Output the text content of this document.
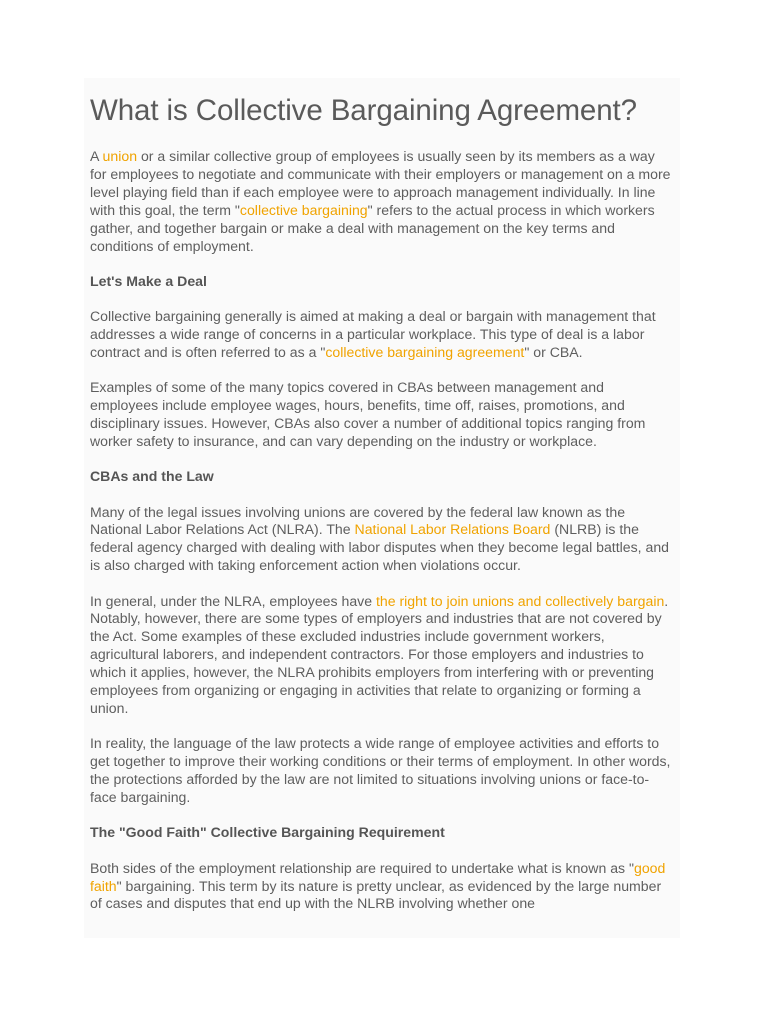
What is Collective Bargaining Agreement?

A union or a similar collective group of employees is usually seen by its members as a way for employees to negotiate and communicate with their employers or management on a more level playing field than if each employee were to approach management individually. In line with this goal, the term "collective bargaining" refers to the actual process in which workers gather, and together bargain or make a deal with management on the key terms and conditions of employment.

Let's Make a Deal

Collective bargaining generally is aimed at making a deal or bargain with management that addresses a wide range of concerns in a particular workplace. This type of deal is a labor contract and is often referred to as a "collective bargaining agreement" or CBA.

Examples of some of the many topics covered in CBAs between management and employees include employee wages, hours, benefits, time off, raises, promotions, and disciplinary issues. However, CBAs also cover a number of additional topics ranging from worker safety to insurance, and can vary depending on the industry or workplace.

CBAs and the Law

Many of the legal issues involving unions are covered by the federal law known as the National Labor Relations Act (NLRA). The National Labor Relations Board (NLRB) is the federal agency charged with dealing with labor disputes when they become legal battles, and is also charged with taking enforcement action when violations occur.

In general, under the NLRA, employees have the right to join unions and collectively bargain. Notably, however, there are some types of employers and industries that are not covered by the Act. Some examples of these excluded industries include government workers, agricultural laborers, and independent contractors. For those employers and industries to which it applies, however, the NLRA prohibits employers from interfering with or preventing employees from organizing or engaging in activities that relate to organizing or forming a union.

In reality, the language of the law protects a wide range of employee activities and efforts to get together to improve their working conditions or their terms of employment. In other words, the protections afforded by the law are not limited to situations involving unions or face-to-face bargaining.

The "Good Faith" Collective Bargaining Requirement

Both sides of the employment relationship are required to undertake what is known as "good faith" bargaining. This term by its nature is pretty unclear, as evidenced by the large number of cases and disputes that end up with the NLRB involving whether one
